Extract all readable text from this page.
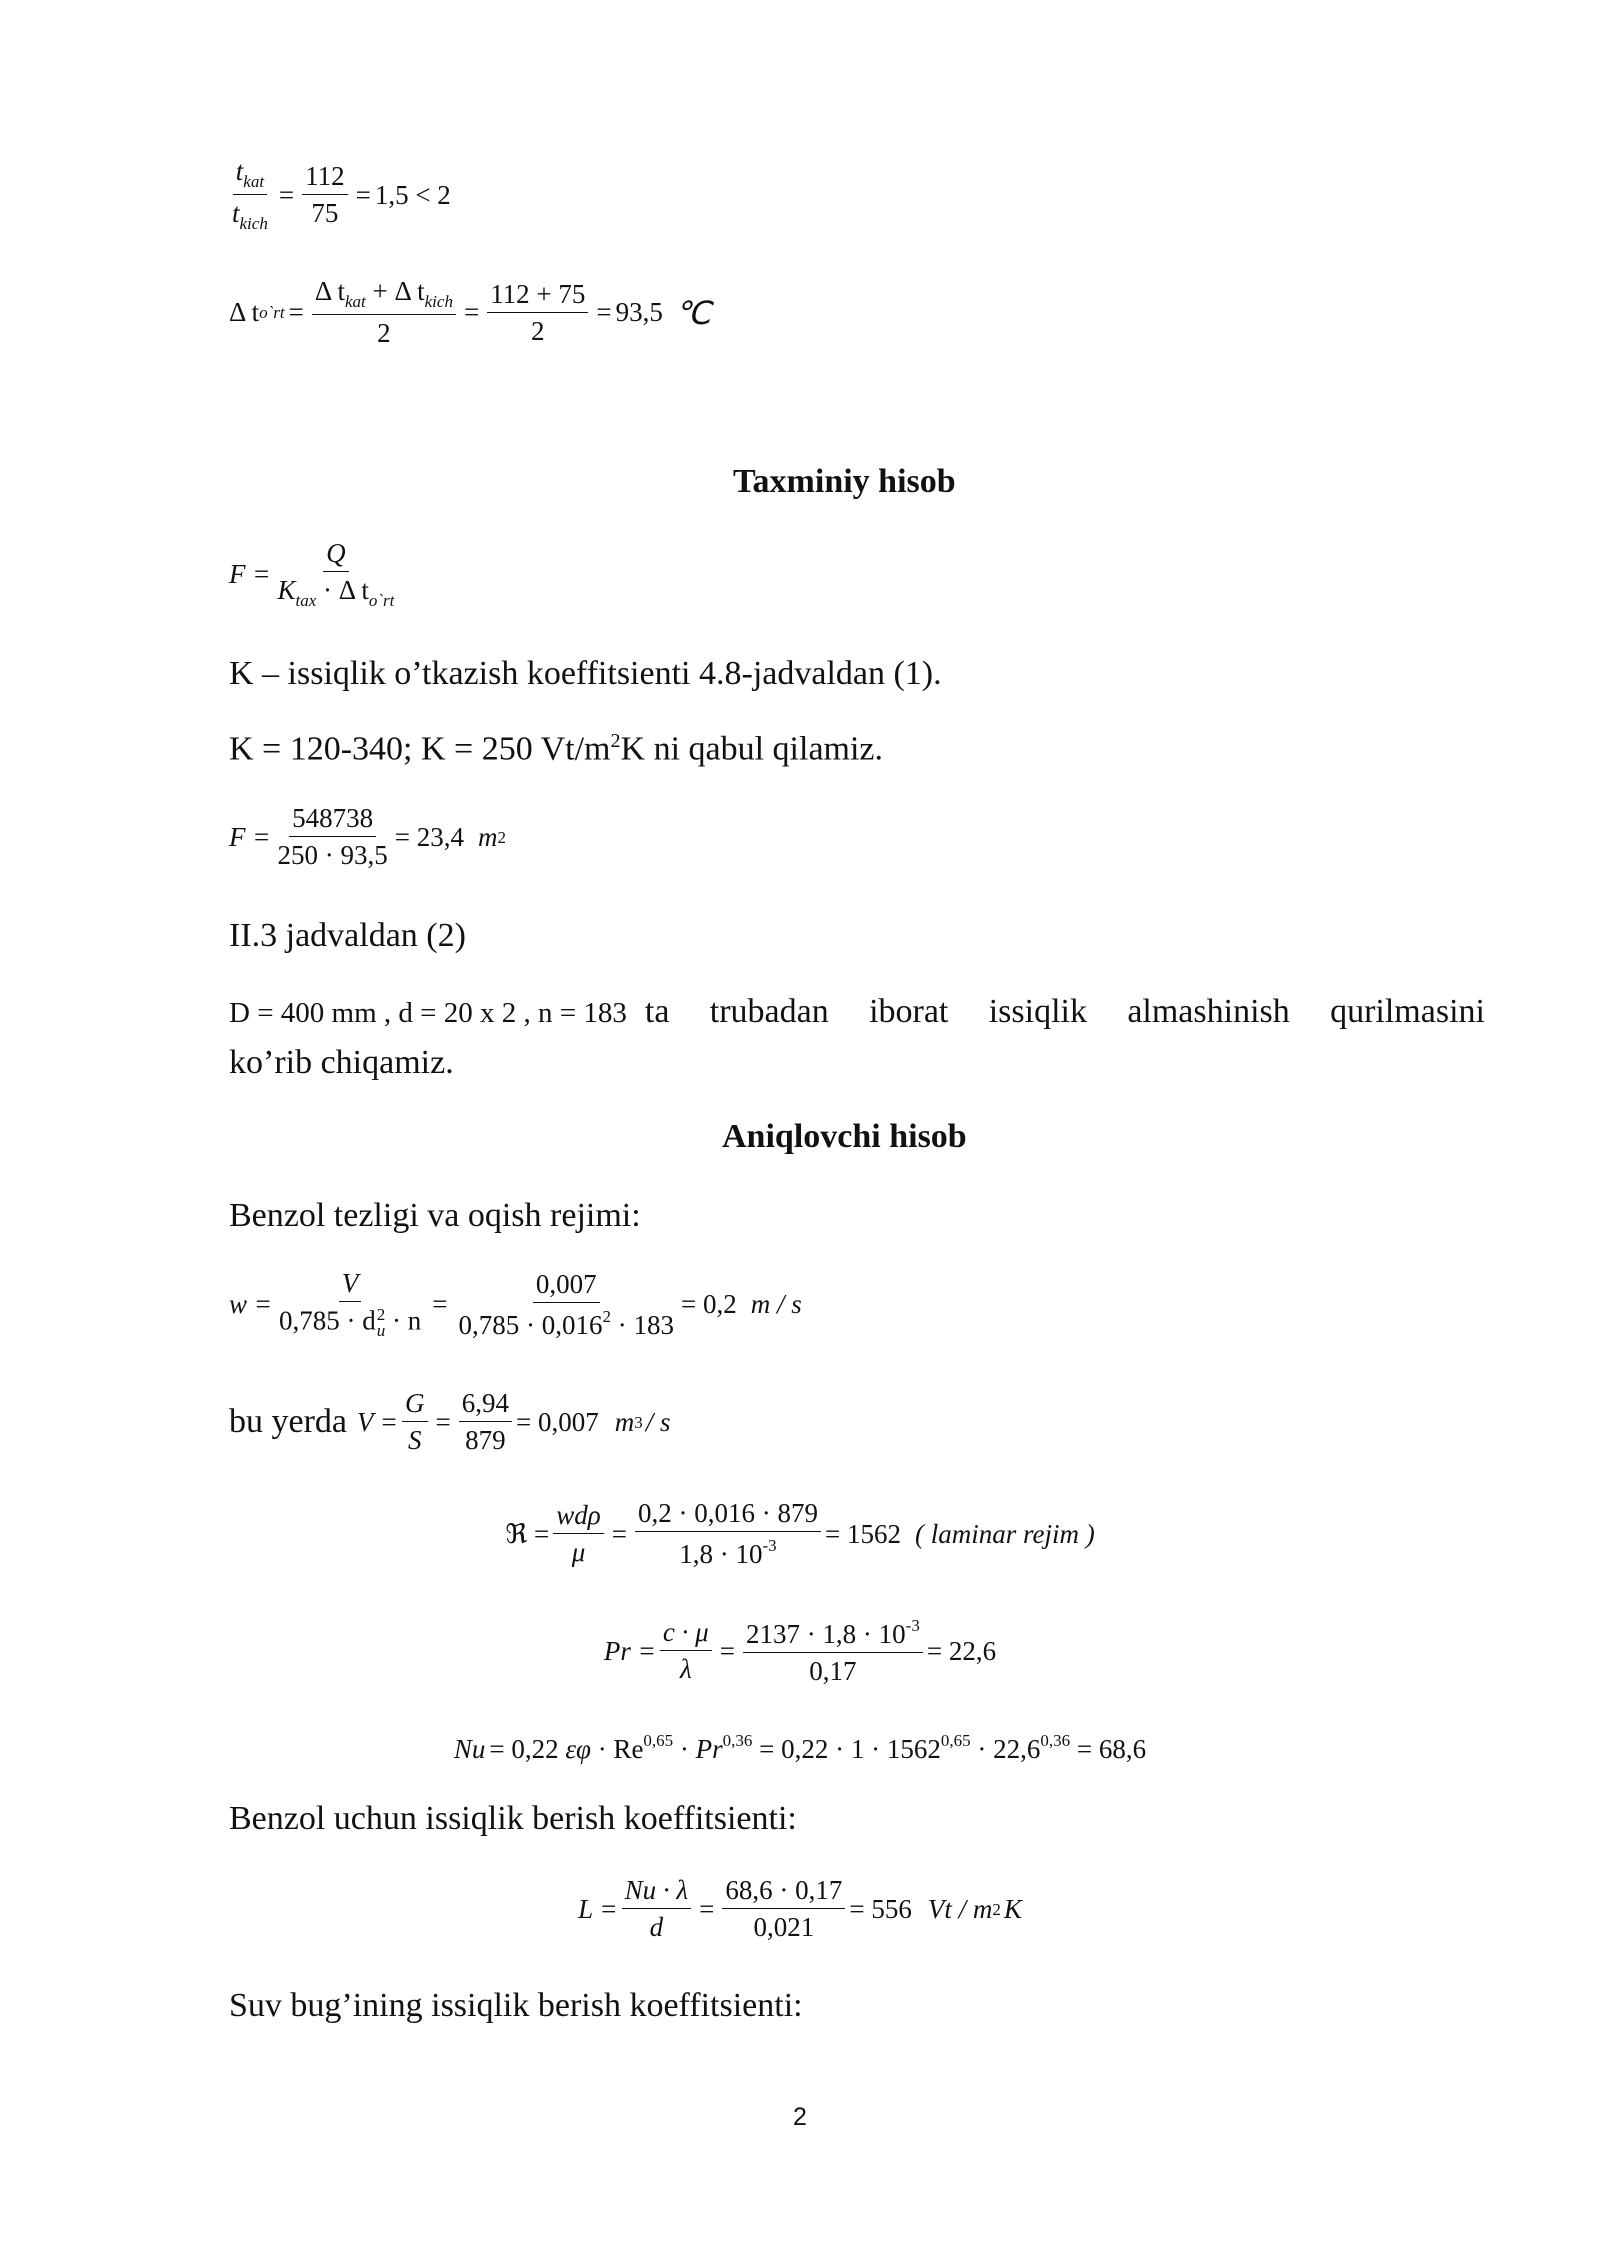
$\frac{t_{kat}}{t_{kich}} = \frac{112}{75} = 1,5 < 2$
Δ t o`rt = $\frac{\Delta t_{kat} + \Delta t_{kich}}{2} = \frac{112 + 75}{2} = 93,5$ ℃
Taxminiy hisob
$F = \frac{Q}{K_{tax} \cdot \Delta t_{o`rt}}$
K – issiqlik o’tkazish koeffitsienti 4.8-jadvaldan (1).
K = 120-340; K = 250 $Vt/m^2K$ ni qabul qilamiz.
$F = \frac{548738}{250 \cdot 93,5} = 23,4$ m 2
II.3 jadvaldan (2)
D = 400 mm , d = 20 x 2 , n = 183 ta trubadan iborat issiqlik almashinish qurilmasini
ko’rib chiqamiz.
Aniqlovchi hisob
Benzol tezligi va oqish rejimi:
w = V
0,785 · d 2
$u \cdot n = \frac{0,007}{0,785 \cdot 0,016^2 \cdot 183} = 0,2$ m / s
bu yerda $V = \frac{G}{S} = \frac{6,94}{879} = 0,007$ m 3 / s
ℜ = $\frac{\text{wdρ}}{\mu} = \frac{0,2 \cdot 0,016 \cdot 879}{1,8 \cdot 10^{-3}} = 1562$ ( laminar rejim )
$Pr = \frac{c \cdot \mu}{\lambda} = \frac{2137 \cdot 1,8 \cdot 10^{-3}}{0,17} = 22,6$
Nu = 0,22 $\varepsilon\varphi \cdot Re^{0,65} \cdot Pr^{0,36} = 0,22 \cdot 1 \cdot 1562^{0,65} \cdot 22,6^{0,36} = 68,6$
Benzol uchun issiqlik berish koeffitsienti:
$L = \frac{Nu \cdot \lambda}{d} = \frac{68,6 \cdot 0,17}{0,021} = 556$ Vt / m 2 K
Suv bug’ining issiqlik berish koeffitsienti:
2
